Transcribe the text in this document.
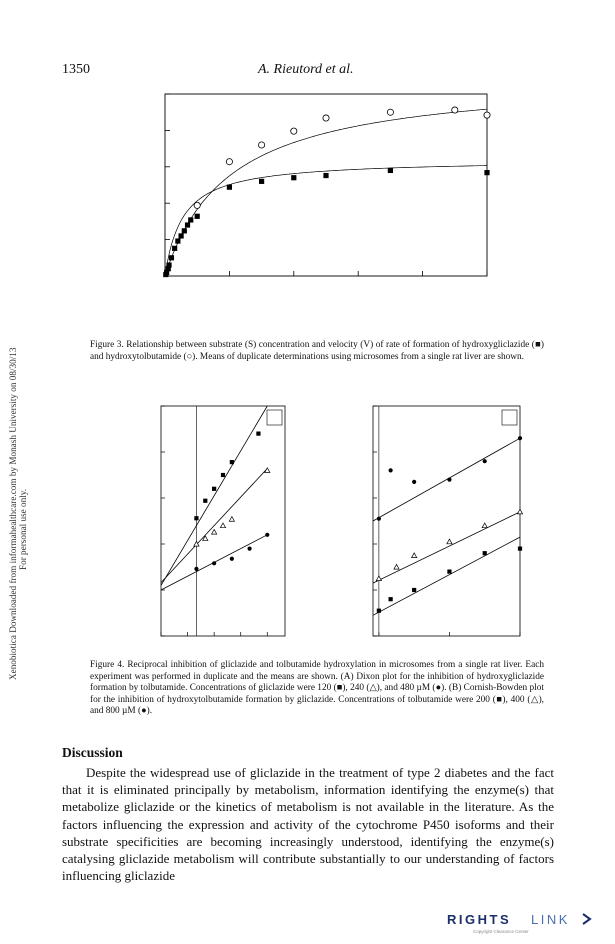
1350	A. Rieutord et al.
Xenobiotica Downloaded from informahealthcare.com by Monash University on 08/30/13 For personal use only.
Figure 3. Relationship between substrate (S) concentration and velocity (V) of rate of formation of hydroxygliclazide (■) and hydroxytolbutamide (○). Means of duplicate determinations using microsomes from a single rat liver are shown.
Figure 4. Reciprocal inhibition of gliclazide and tolbutamide hydroxylation in microsomes from a single rat liver. Each experiment was performed in duplicate and the means are shown. (A) Dixon plot for the inhibition of hydroxygliclazide formation by tolbutamide. Concentrations of gliclazide were 120 (■), 240 (△), and 480 µM (●). (B) Cornish-Bowden plot for the inhibition of hydroxytolbutamide formation by gliclazide. Concentrations of tolbutamide were 200 (■), 400 (△), and 800 µM (●).
Discussion

Despite the widespread use of gliclazide in the treatment of type 2 diabetes and the fact that it is eliminated principally by metabolism, information identifying the enzyme(s) that metabolize gliclazide or the kinetics of metabolism is not available in the literature. As the factors influencing the expression and activity of the cytochrome P450 isoforms and their substrate specificities are becoming increasingly understood, identifying the enzyme(s) catalysing gliclazide metabolism will contribute substantially to our understanding of factors influencing gliclazide

RIGHTS LINK
Copyright Clearance Center
